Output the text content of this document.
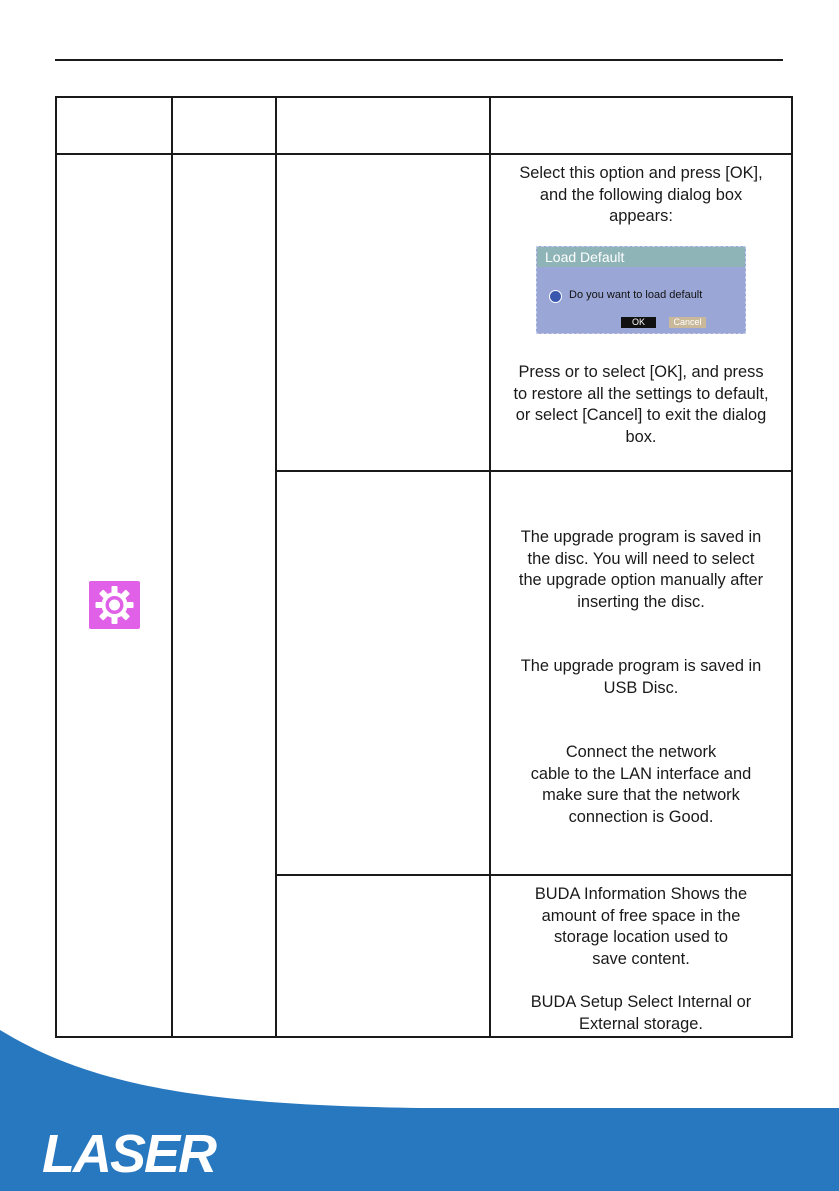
Select this option and press [OK],
and the following dialog box
appears:
Load Default
Do you want to load default
OK	Cancel
Press or to select [OK], and press
to restore all the settings to default,
or select [Cancel] to exit the dialog
box.
The upgrade program is saved in
the disc. You will need to select
the upgrade option manually after
inserting the disc.
The upgrade program is saved in
USB Disc.
Connect the network
cable to the LAN interface and
make sure that the network
connection is Good.
BUDA Information Shows the
amount of free space in the
storage location used to
save content.
BUDA Setup Select Internal or
External storage.
LASER
